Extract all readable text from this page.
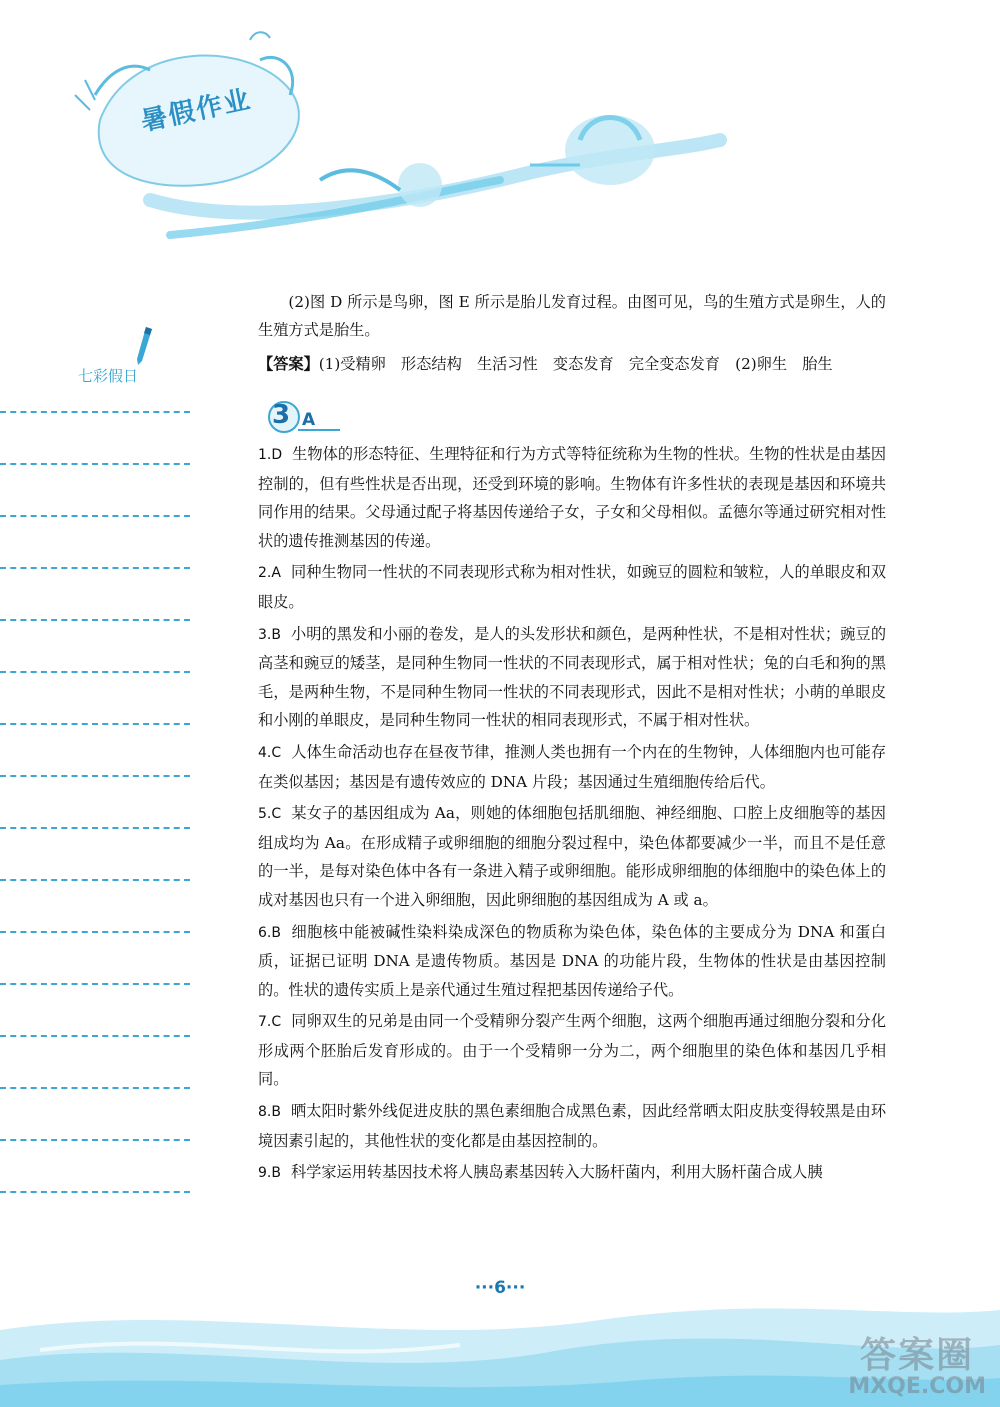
暑假作业
七彩假日

(2)图 D 所示是鸟卵，图 E 所示是胎儿发育过程。由图可见，鸟的生殖方式是卵生，人的生殖方式是胎生。

【答案】(1)受精卵　形态结构　生活习性　变态发育　完全变态发育　(2)卵生　胎生

3 A

1.D 生物体的形态特征、生理特征和行为方式等特征统称为生物的性状。生物的性状是由基因控制的，但有些性状是否出现，还受到环境的影响。生物体有许多性状的表现是基因和环境共同作用的结果。父母通过配子将基因传递给子女，子女和父母相似。孟德尔等通过研究相对性状的遗传推测基因的传递。

2.A 同种生物同一性状的不同表现形式称为相对性状，如豌豆的圆粒和皱粒，人的单眼皮和双眼皮。

3.B 小明的黑发和小丽的卷发，是人的头发形状和颜色，是两种性状，不是相对性状；豌豆的高茎和豌豆的矮茎，是同种生物同一性状的不同表现形式，属于相对性状；兔的白毛和狗的黑毛，是两种生物，不是同种生物同一性状的不同表现形式，因此不是相对性状；小萌的单眼皮和小刚的单眼皮，是同种生物同一性状的相同表现形式，不属于相对性状。

4.C 人体生命活动也存在昼夜节律，推测人类也拥有一个内在的生物钟，人体细胞内也可能存在类似基因；基因是有遗传效应的 DNA 片段；基因通过生殖细胞传给后代。

5.C 某女子的基因组成为 Aa，则她的体细胞包括肌细胞、神经细胞、口腔上皮细胞等的基因组成均为 Aa。在形成精子或卵细胞的细胞分裂过程中，染色体都要减少一半，而且不是任意的一半，是每对染色体中各有一条进入精子或卵细胞。能形成卵细胞的体细胞中的染色体上的成对基因也只有一个进入卵细胞，因此卵细胞的基因组成为 A 或 a。

6.B 细胞核中能被碱性染料染成深色的物质称为染色体，染色体的主要成分为 DNA 和蛋白质，证据已证明 DNA 是遗传物质。基因是 DNA 的功能片段，生物体的性状是由基因控制的。性状的遗传实质上是亲代通过生殖过程把基因传递给子代。

7.C 同卵双生的兄弟是由同一个受精卵分裂产生两个细胞，这两个细胞再通过细胞分裂和分化形成两个胚胎后发育形成的。由于一个受精卵一分为二，两个细胞里的染色体和基因几乎相同。

8.B 晒太阳时紫外线促进皮肤的黑色素细胞合成黑色素，因此经常晒太阳皮肤变得较黑是由环境因素引起的，其他性状的变化都是由基因控制的。

9.B 科学家运用转基因技术将人胰岛素基因转入大肠杆菌内，利用大肠杆菌合成人胰

···6···
答案圈
MXQE.COM
